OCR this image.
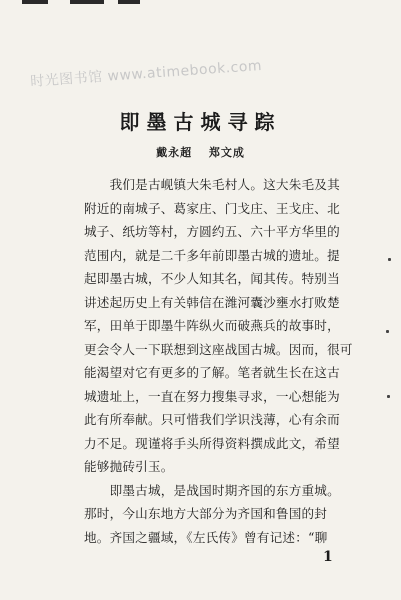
时光图书馆 www.atimebook.com
即墨古城寻踪
戴永超 郑文成
　　我们是古岘镇大朱毛村人。这大朱毛及其
附近的南城子、葛家庄、门戈庄、王戈庄、北
城子、纸坊等村，方圆约五、六十平方华里的
范围内，就是二千多年前即墨古城的遗址。提
起即墨古城，不少人知其名，闻其传。特别当
讲述起历史上有关韩信在潍河囊沙壅水打败楚
军，田单于即墨牛阵纵火而破燕兵的故事时，
更会令人一下联想到这座战国古城。因而，很可
能渴望对它有更多的了解。笔者就生长在这古
城遗址上，一直在努力搜集寻求，一心想能为
此有所奉献。只可惜我们学识浅薄，心有余而
力不足。现谨将手头所得资料撰成此文，希望
能够抛砖引玉。
　　即墨古城，是战国时期齐国的东方重城。
那时，今山东地方大部分为齐国和鲁国的封
地。齐国之疆域，《左氏传》曾有记述：“聊
1
